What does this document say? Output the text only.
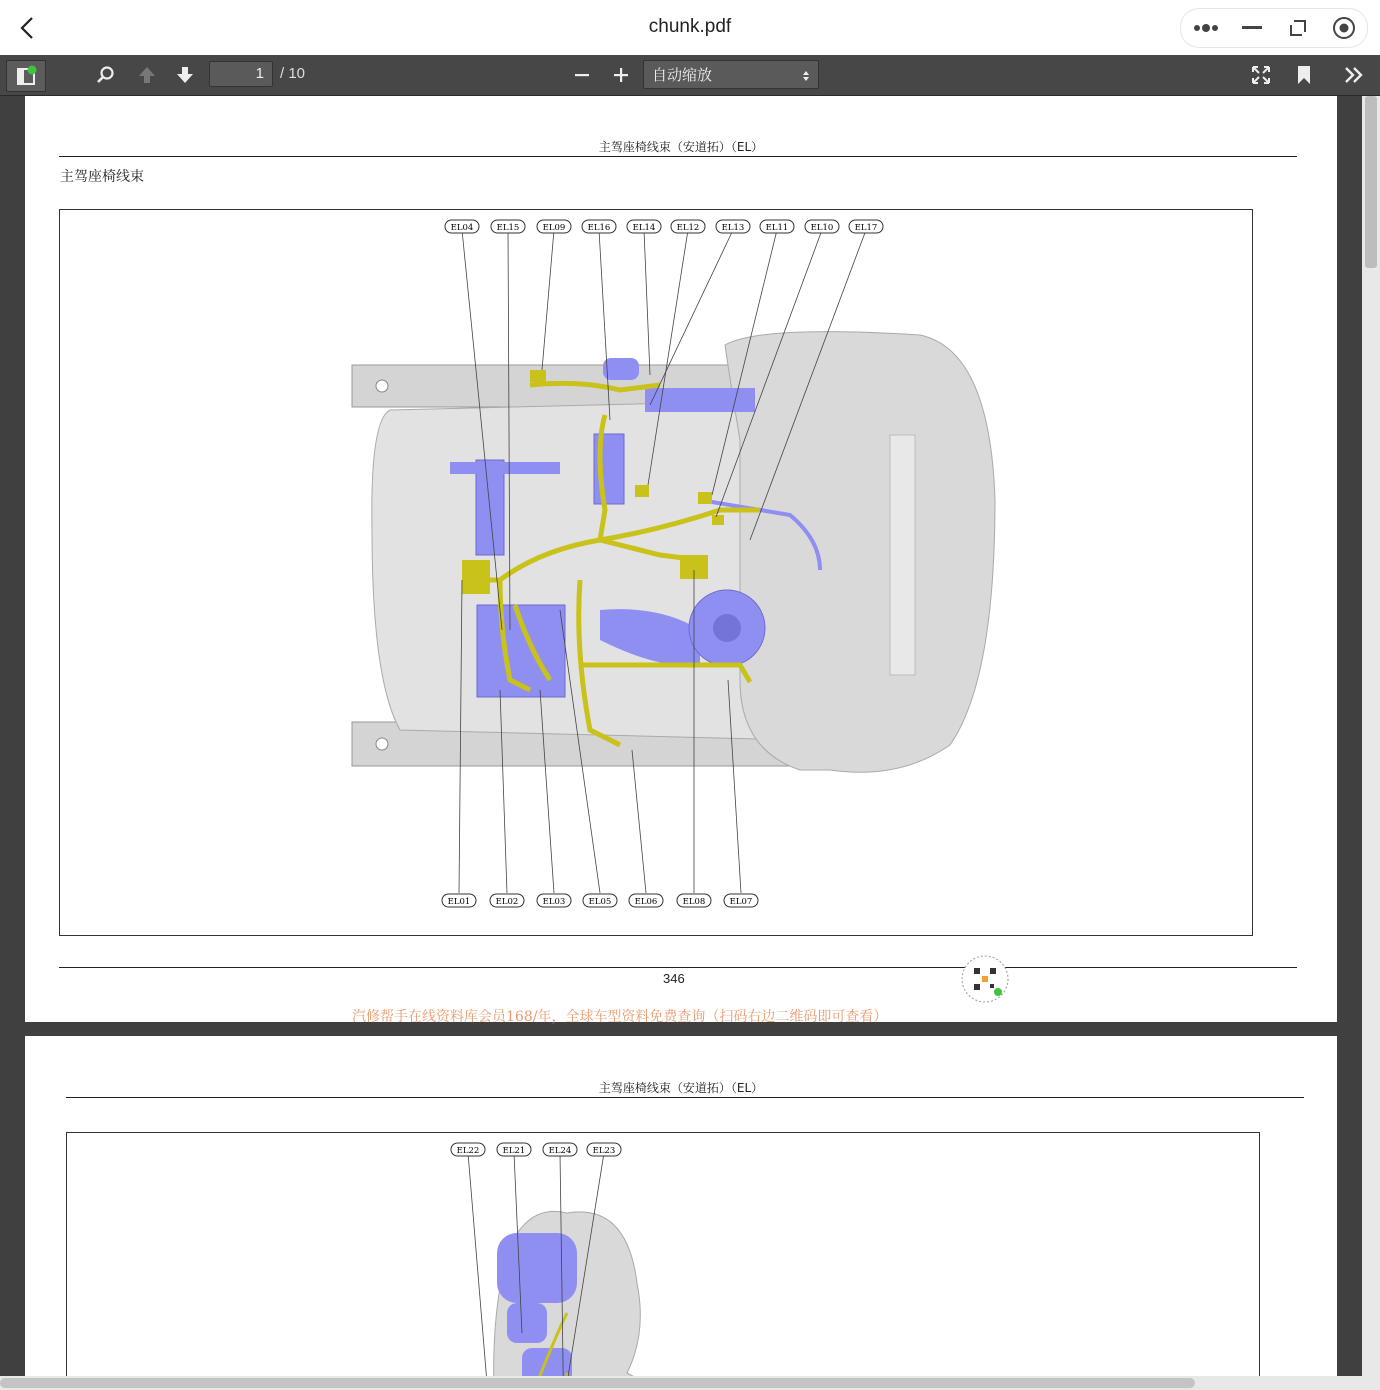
chunk.pdf
1	/ 10	自动缩放
主驾座椅线束（安道拓）（EL）
主驾座椅线束
EL04	EL15	EL09	EL16	EL14	EL12	EL13	EL11	EL10	EL17
EL01	EL02	EL03	EL05	EL06	EL08	EL07
346
汽修帮手在线资料库会员168/年，全球车型资料免费查询（扫码右边二维码即可查看）
主驾座椅线束（安道拓）（EL）
EL22	EL21	EL24	EL23
